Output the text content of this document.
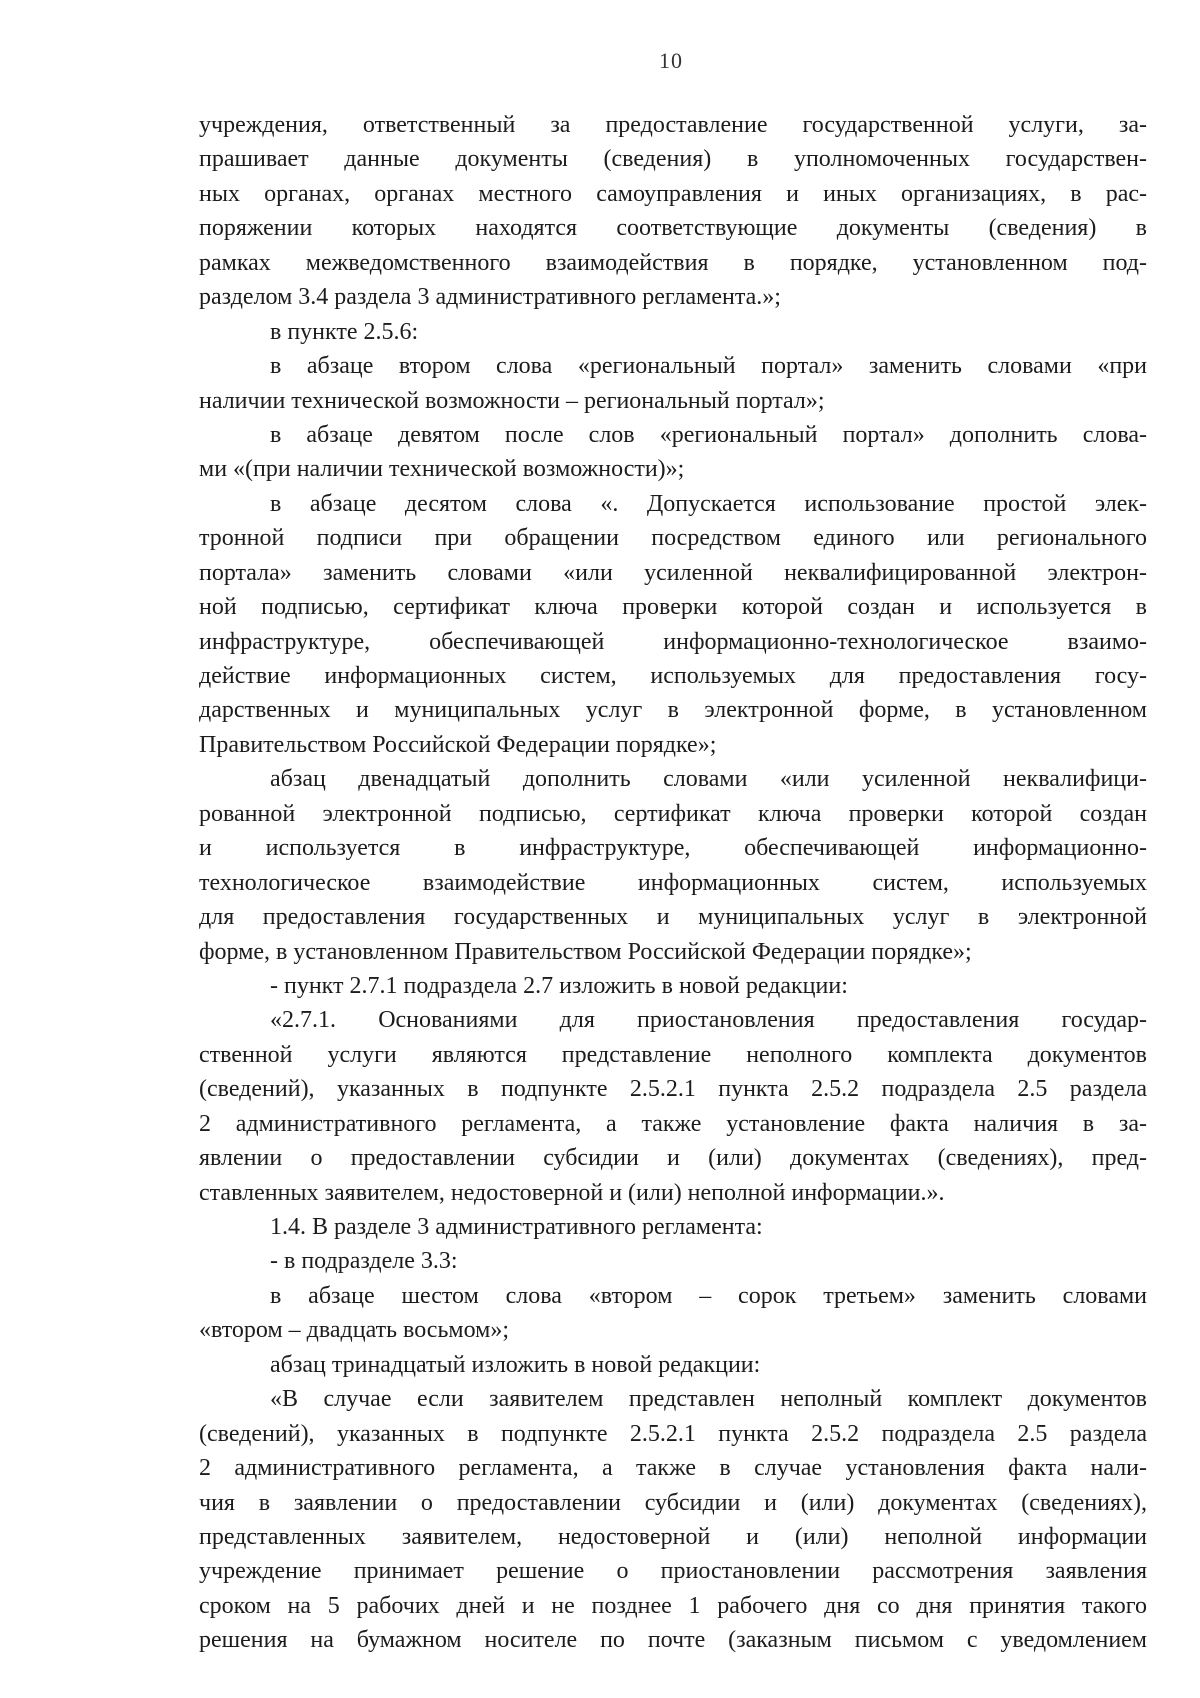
10
учреждения, ответственный за предоставление государственной услуги, за-
прашивает данные документы (сведения) в уполномоченных государствен-
ных органах, органах местного самоуправления и иных организациях, в рас-
поряжении которых находятся соответствующие документы (сведения) в
рамках межведомственного взаимодействия в порядке, установленном под-
разделом 3.4 раздела 3 административного регламента.»;
в пункте 2.5.6:
в абзаце втором слова «региональный портал» заменить словами «при
наличии технической возможности – региональный портал»;
в абзаце девятом после слов «региональный портал» дополнить слова-
ми «(при наличии технической возможности)»;
в абзаце десятом слова «. Допускается использование простой элек-
тронной подписи при обращении посредством единого или регионального
портала» заменить словами «или усиленной неквалифицированной электрон-
ной подписью, сертификат ключа проверки которой создан и используется в
инфраструктуре, обеспечивающей информационно-технологическое взаимо-
действие информационных систем, используемых для предоставления госу-
дарственных и муниципальных услуг в электронной форме, в установленном
Правительством Российской Федерации порядке»;
абзац двенадцатый дополнить словами «или усиленной неквалифици-
рованной электронной подписью, сертификат ключа проверки которой создан
и используется в инфраструктуре, обеспечивающей информационно-
технологическое взаимодействие информационных систем, используемых
для предоставления государственных и муниципальных услуг в электронной
форме, в установленном Правительством Российской Федерации порядке»;
- пункт 2.7.1 подраздела 2.7 изложить в новой редакции:
«2.7.1. Основаниями для приостановления предоставления государ-
ственной услуги являются представление неполного комплекта документов
(сведений), указанных в подпункте 2.5.2.1 пункта 2.5.2 подраздела 2.5 раздела
2 административного регламента, а также установление факта наличия в за-
явлении о предоставлении субсидии и (или) документах (сведениях), пред-
ставленных заявителем, недостоверной и (или) неполной информации.».
1.4. В разделе 3 административного регламента:
- в подразделе 3.3:
в абзаце шестом слова «втором – сорок третьем» заменить словами
«втором – двадцать восьмом»;
абзац тринадцатый изложить в новой редакции:
«В случае если заявителем представлен неполный комплект документов
(сведений), указанных в подпункте 2.5.2.1 пункта 2.5.2 подраздела 2.5 раздела
2 административного регламента, а также в случае установления факта нали-
чия в заявлении о предоставлении субсидии и (или) документах (сведениях),
представленных заявителем, недостоверной и (или) неполной информации
учреждение принимает решение о приостановлении рассмотрения заявления
сроком на 5 рабочих дней и не позднее 1 рабочего дня со дня принятия такого
решения на бумажном носителе по почте (заказным письмом с уведомлением
